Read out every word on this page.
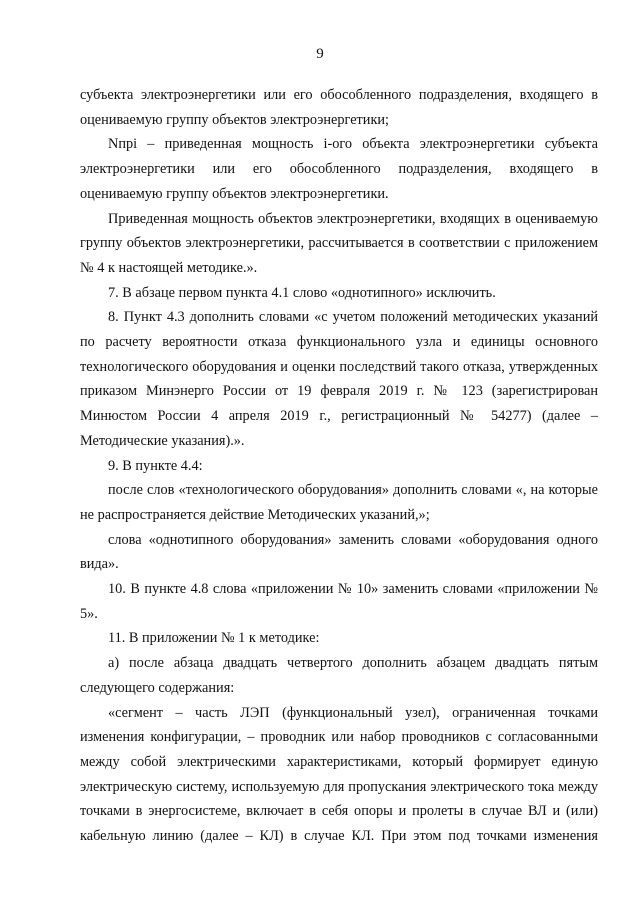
9

субъекта электроэнергетики или его обособленного подразделения, входящего в оцениваемую группу объектов электроэнергетики;

Nпрi – приведенная мощность i-ого объекта электроэнергетики субъекта электроэнергетики или его обособленного подразделения, входящего в оцениваемую группу объектов электроэнергетики.

Приведенная мощность объектов электроэнергетики, входящих в оцениваемую группу объектов электроэнергетики, рассчитывается в соответствии с приложением № 4 к настоящей методике.».

7. В абзаце первом пункта 4.1 слово «однотипного» исключить.

8. Пункт 4.3 дополнить словами «с учетом положений методических указаний по расчету вероятности отказа функционального узла и единицы основного технологического оборудования и оценки последствий такого отказа, утвержденных приказом Минэнерго России от 19 февраля 2019 г. № 123 (зарегистрирован Минюстом России 4 апреля 2019 г., регистрационный № 54277) (далее – Методические указания).».

9. В пункте 4.4:

после слов «технологического оборудования» дополнить словами «, на которые не распространяется действие Методических указаний,»;

слова «однотипного оборудования» заменить словами «оборудования одного вида».

10. В пункте 4.8 слова «приложении № 10» заменить словами «приложении № 5».

11. В приложении № 1 к методике:

а) после абзаца двадцать четвертого дополнить абзацем двадцать пятым следующего содержания:

«сегмент – часть ЛЭП (функциональный узел), ограниченная точками изменения конфигурации, – проводник или набор проводников с согласованными между собой электрическими характеристиками, который формирует единую электрическую систему, используемую для пропускания электрического тока между точками в энергосистеме, включает в себя опоры и пролеты в случае ВЛ и (или) кабельную линию (далее – КЛ) в случае КЛ. При этом под точками изменения
